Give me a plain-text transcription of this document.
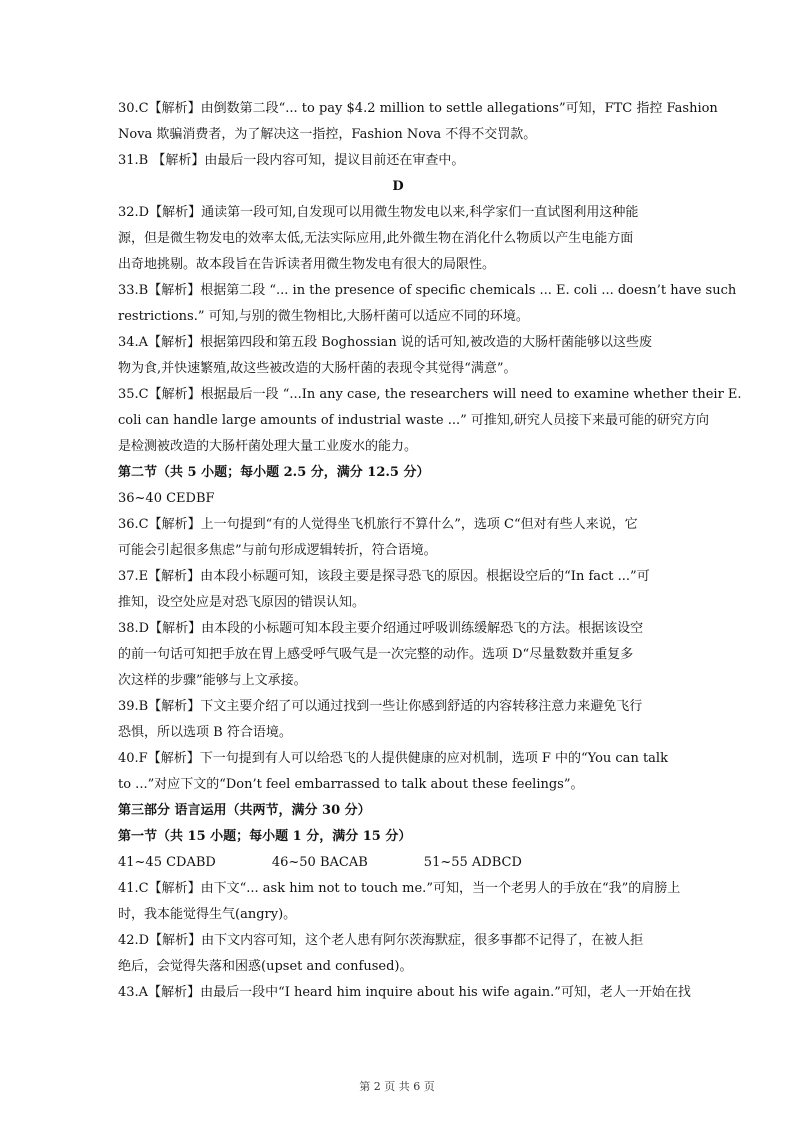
30.C【解析】由倒数第二段“... to pay $4.2 million to settle allegations”可知，FTC 指控 Fashion
Nova 欺骗消费者，为了解决这一指控，Fashion Nova 不得不交罚款。
31.B 【解析】由最后一段内容可知，提议目前还在审查中。
D
32.D【解析】通读第一段可知,自发现可以用微生物发电以来,科学家们一直试图利用这种能
源，但是微生物发电的效率太低,无法实际应用,此外微生物在消化什么物质以产生电能方面
出奇地挑剔。故本段旨在告诉读者用微生物发电有很大的局限性。
33.B【解析】根据第二段 “... in the presence of specific chemicals ... E. coli ... doesn’t have such
restrictions.” 可知,与别的微生物相比,大肠杆菌可以适应不同的环境。
34.A【解析】根据第四段和第五段 Boghossian 说的话可知,被改造的大肠杆菌能够以这些废
物为食,并快速繁殖,故这些被改造的大肠杆菌的表现令其觉得“满意”。
35.C【解析】根据最后一段 “...In any case, the researchers will need to examine whether their E.
coli can handle large amounts of industrial waste ...” 可推知,研究人员接下来最可能的研究方向
是检测被改造的大肠杆菌处理大量工业废水的能力。
第二节（共 5 小题；每小题 2.5 分，满分 12.5 分）
36~40 CEDBF
36.C【解析】上一句提到“有的人觉得坐飞机旅行不算什么”，选项 C“但对有些人来说，它
可能会引起很多焦虑”与前句形成逻辑转折，符合语境。
37.E【解析】由本段小标题可知，该段主要是探寻恐飞的原因。根据设空后的“In fact ...”可
推知，设空处应是对恐飞原因的错误认知。
38.D【解析】由本段的小标题可知本段主要介绍通过呼吸训练缓解恐飞的方法。根据该设空
的前一句话可知把手放在胃上感受呼气吸气是一次完整的动作。选项 D“尽量数数并重复多
次这样的步骤”能够与上文承接。
39.B【解析】下文主要介绍了可以通过找到一些让你感到舒适的内容转移注意力来避免飞行
恐惧，所以选项 B 符合语境。
40.F【解析】下一句提到有人可以给恐飞的人提供健康的应对机制，选项 F 中的“You can talk
to ...”对应下文的“Don’t feel embarrassed to talk about these feelings”。
第三部分 语言运用（共两节，满分 30 分）
第一节（共 15 小题；每小题 1 分，满分 15 分）
41~45 CDABD	46~50 BACAB	51~55 ADBCD
41.C【解析】由下文“... ask him not to touch me.”可知，当一个老男人的手放在“我”的肩膀上
时，我本能觉得生气(angry)。
42.D【解析】由下文内容可知，这个老人患有阿尔茨海默症，很多事都不记得了，在被人拒
绝后，会觉得失落和困惑(upset and confused)。
43.A【解析】由最后一段中“I heard him inquire about his wife again.”可知，老人一开始在找
第 2 页 共 6 页
